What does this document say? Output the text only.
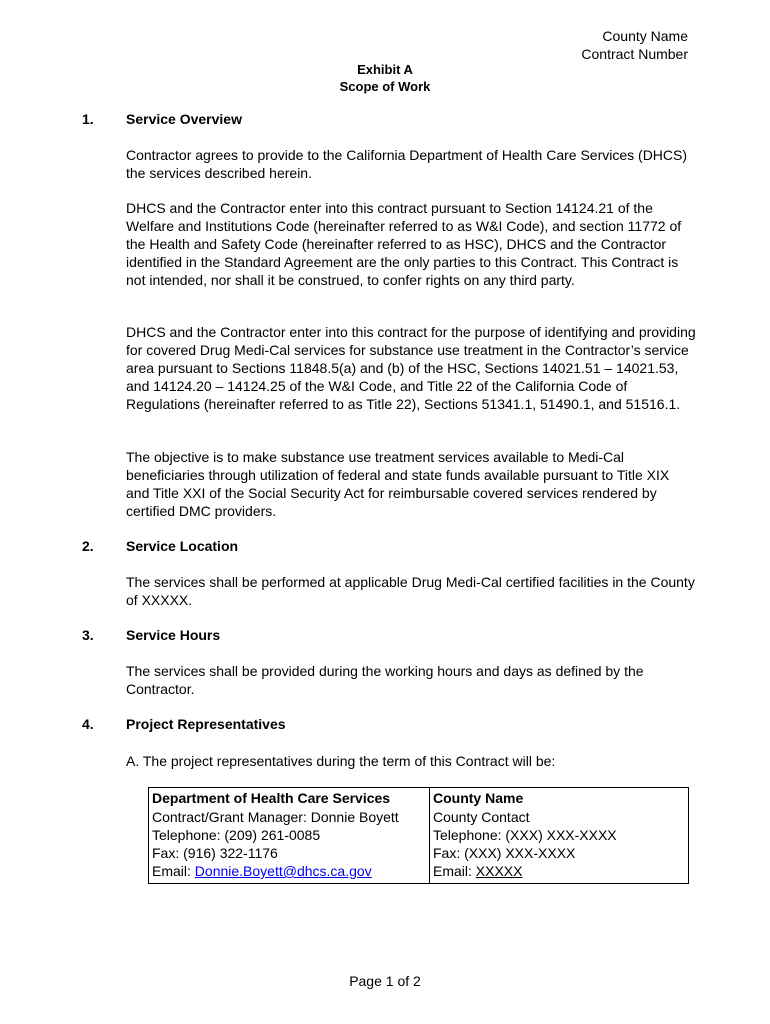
County Name
Contract Number
Exhibit A
Scope of Work
1. Service Overview
Contractor agrees to provide to the California Department of Health Care Services (DHCS) the services described herein.
DHCS and the Contractor enter into this contract pursuant to Section 14124.21 of the Welfare and Institutions Code (hereinafter referred to as W&I Code), and section 11772 of the Health and Safety Code (hereinafter referred to as HSC), DHCS and the Contractor identified in the Standard Agreement are the only parties to this Contract. This Contract is not intended, nor shall it be construed, to confer rights on any third party.
DHCS and the Contractor enter into this contract for the purpose of identifying and providing for covered Drug Medi-Cal services for substance use treatment in the Contractor’s service area pursuant to Sections 11848.5(a) and (b) of the HSC, Sections 14021.51 – 14021.53, and 14124.20 – 14124.25 of the W&I Code, and Title 22 of the California Code of Regulations (hereinafter referred to as Title 22), Sections 51341.1, 51490.1, and 51516.1.
The objective is to make substance use treatment services available to Medi-Cal beneficiaries through utilization of federal and state funds available pursuant to Title XIX and Title XXI of the Social Security Act for reimbursable covered services rendered by certified DMC providers.
2. Service Location
The services shall be performed at applicable Drug Medi-Cal certified facilities in the County of XXXXX.
3. Service Hours
The services shall be provided during the working hours and days as defined by the Contractor.
4. Project Representatives
A. The project representatives during the term of this Contract will be:
Department of Health Care Services
Contract/Grant Manager: Donnie Boyett
Telephone: (209) 261-0085
Fax: (916) 322-1176
Email: Donnie.Boyett@dhcs.ca.gov

County Name
County Contact
Telephone: (XXX) XXX-XXXX
Fax: (XXX) XXX-XXXX
Email: XXXXX
Page 1 of 2
